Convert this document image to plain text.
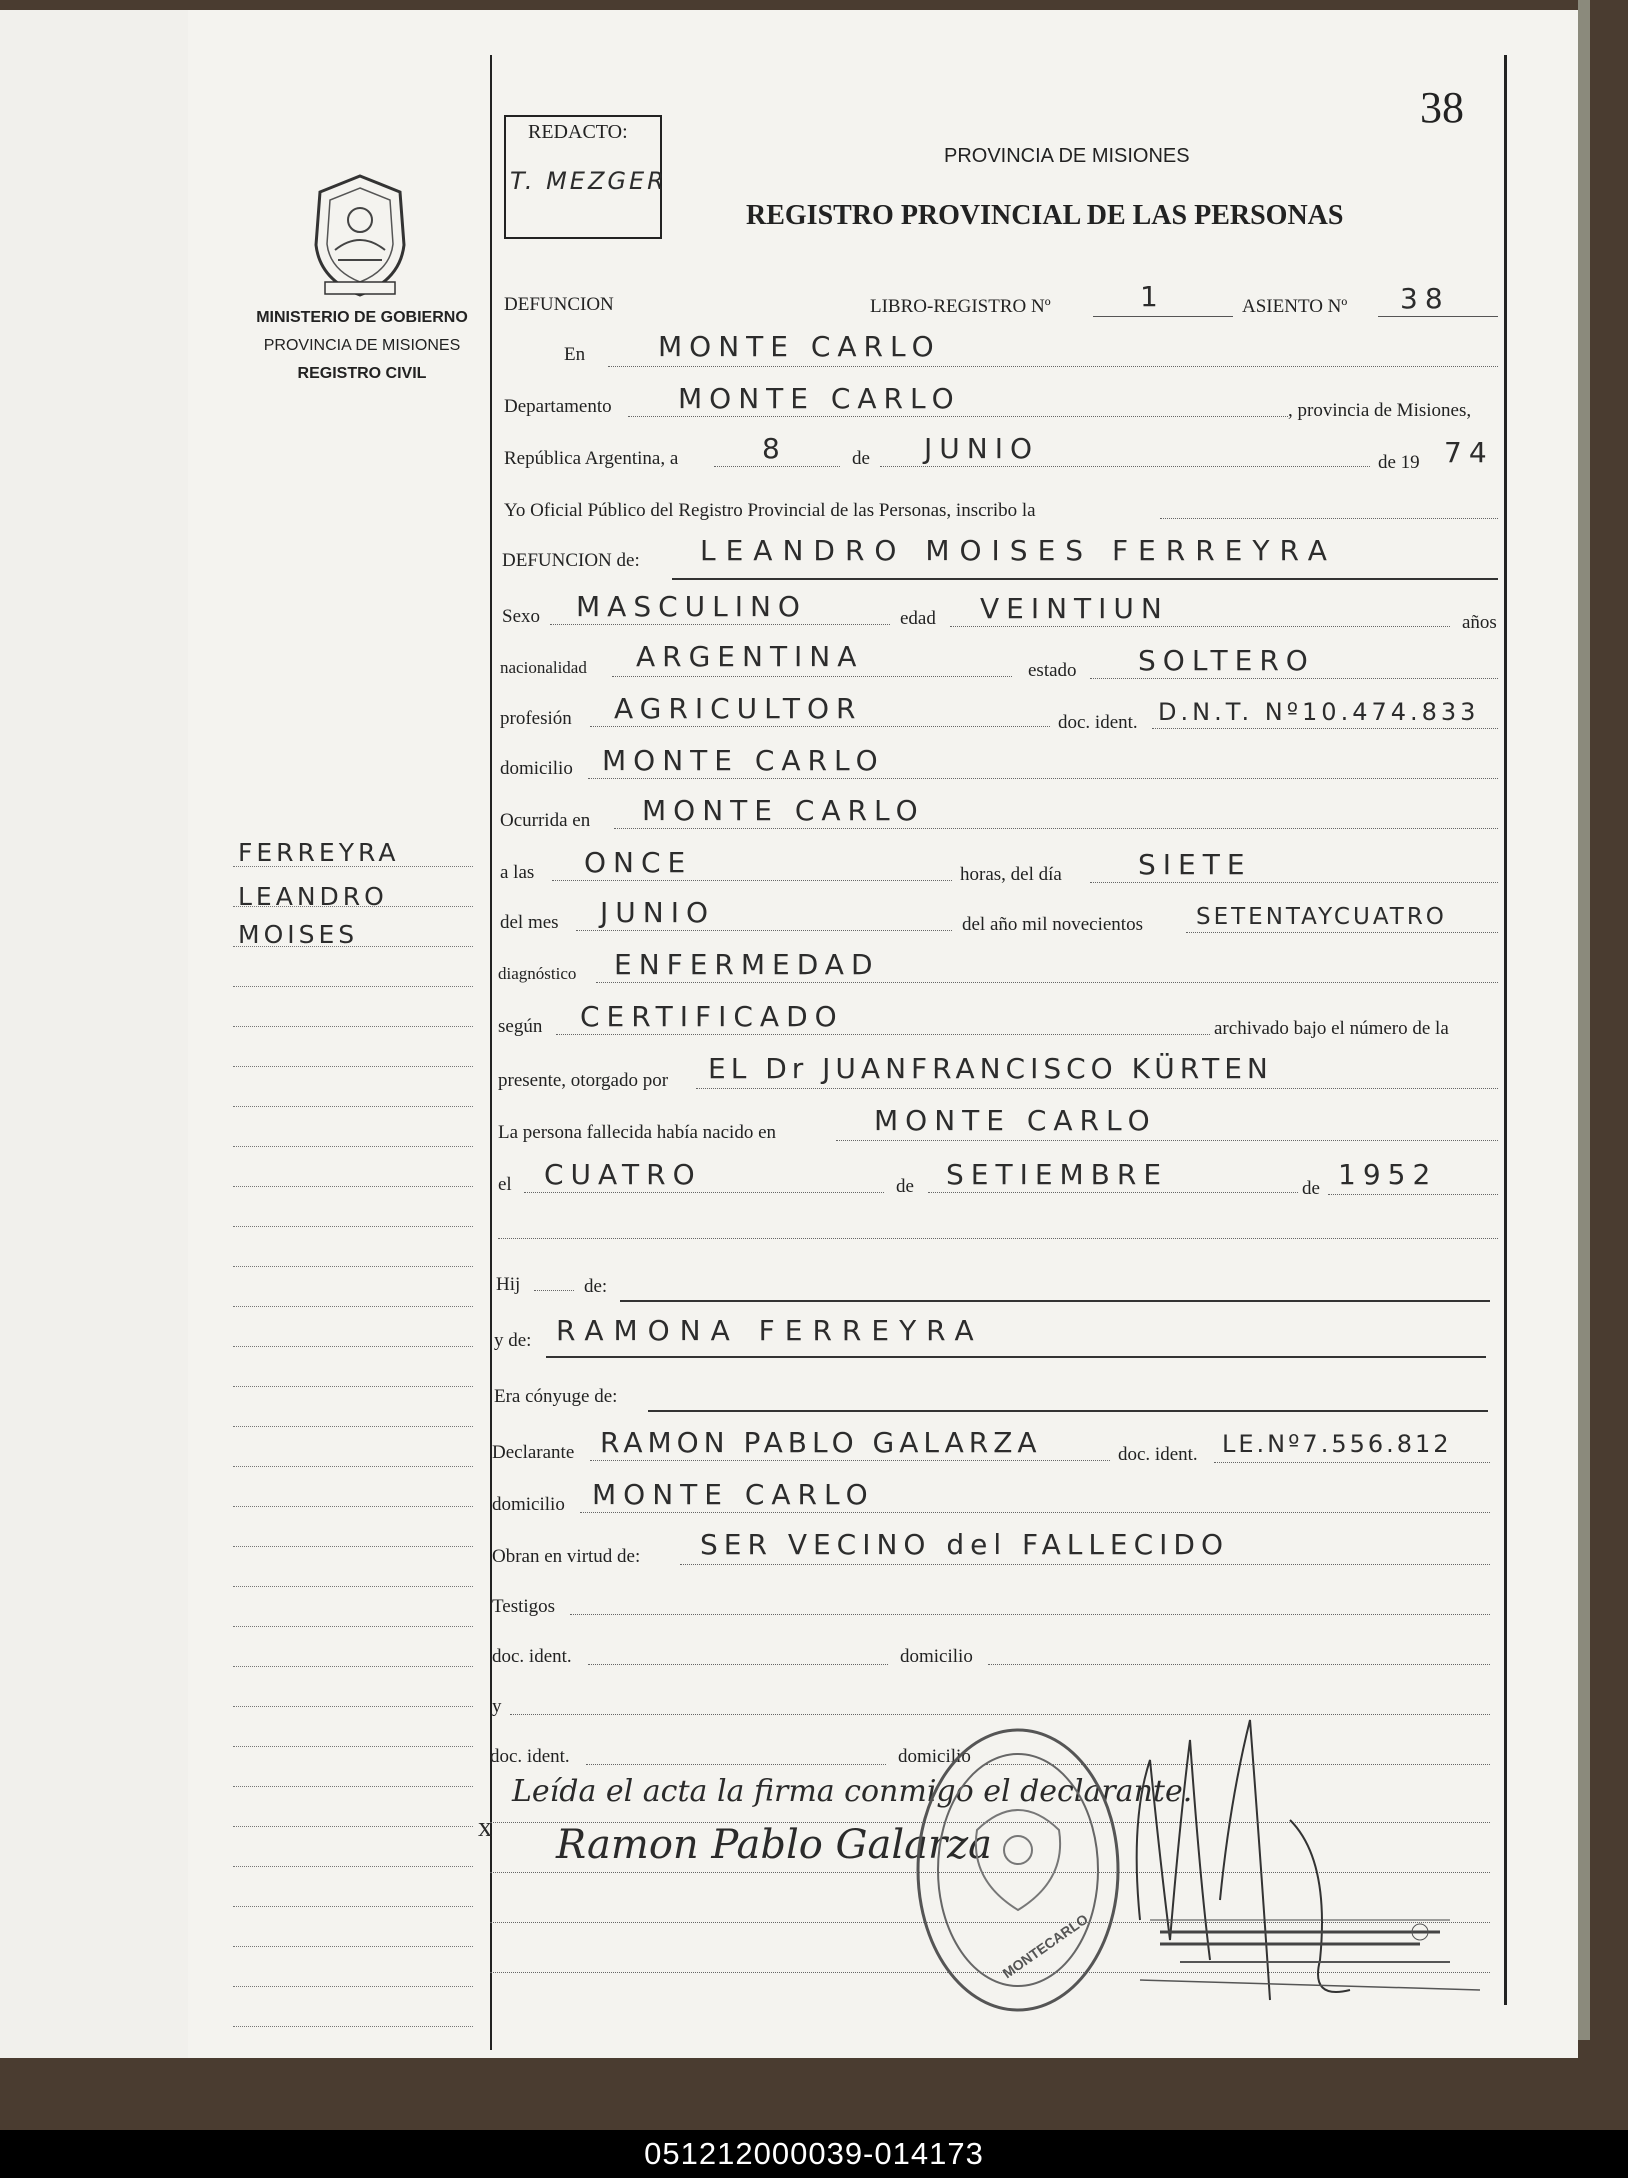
38
REDACTO:
T. MEZGER
PROVINCIA DE MISIONES
REGISTRO PROVINCIAL DE LAS PERSONAS
MINISTERIO DE GOBIERNO
PROVINCIA DE MISIONES
REGISTRO CIVIL
FERREYRA
LEANDRO
MOISES
DEFUNCION	LIBRO-REGISTRO Nº	1	ASIENTO Nº 38
En	MONTE CARLO
Departamento MONTE CARLO	, provincia de Misiones,
República Argentina, a	8	de JUNIO	de 19 74
Yo Oficial Público del Registro Provincial de las Personas, inscribo la
DEFUNCION de: LEANDRO MOISES FERREYRA
Sexo MASCULINO	edad VEINTIUN	años
nacionalidad ARGENTINA	estado SOLTERO
profesión AGRICULTOR	doc. ident. D.N.T. Nº10.474.833
domicilio MONTE CARLO
Ocurrida en MONTE CARLO
a las ONCE	horas, del día	SIETE
del mes JUNIO	del año mil novecientos SETENTAYCUATRO
diagnóstico ENFERMEDAD
según CERTIFICADO	archivado bajo el número de la
presente, otorgado por EL Dr JUANFRANCISCO KÜRTEN
La persona fallecida había nacido en	MONTE CARLO
el CUATRO	de SETIEMBRE	de 1952
Hij	de:
y de: RAMONA FERREYRA
Era cónyuge de:
Declarante RAMON PABLO GALARZA	doc. ident. LE.Nº7.556.812
domicilio MONTE CARLO
Obran en virtud de: SER VECINO del FALLECIDO
Testigos
doc. ident.	domicilio
y
doc. ident.	domicilio
Leída el acta la firma conmigo el declarante.
x Ramon Pablo Galarza
MONTECARLO
051212000039-014173
